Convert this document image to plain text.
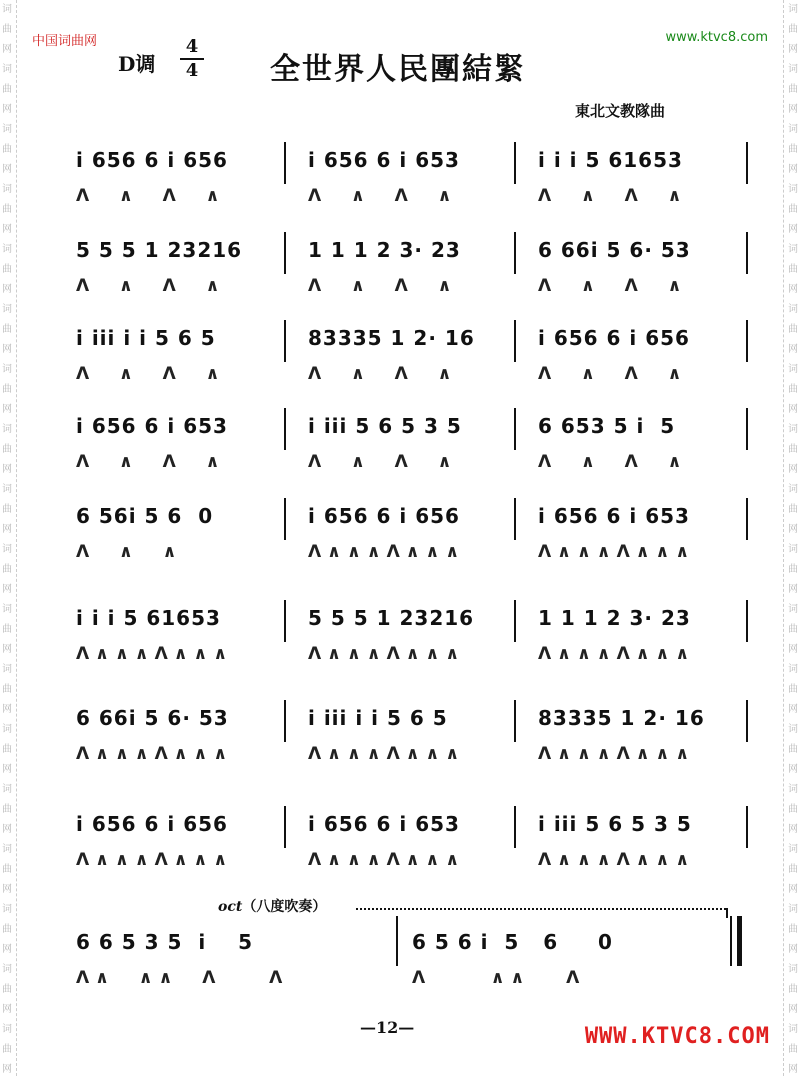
词曲网词曲网词曲网词曲网词曲网词曲网词曲网词曲网词曲网词曲网词曲网词曲网词曲网词曲网词曲网词曲网词曲网词曲网
词曲网词曲网词曲网词曲网词曲网词曲网词曲网词曲网词曲网词曲网词曲网词曲网词曲网词曲网词曲网词曲网词曲网词曲网
中国词曲网	www.ktvc8.com
D调
4
4 全世界人民團結緊
東北文教隊曲
i 656 6 i 656
Λ  ∧  Λ  ∧
i 656 6 i 653
Λ  ∧  Λ  ∧
i i i 5 61653
Λ  ∧  Λ  ∧
5 5 5 1 23216
Λ  ∧  Λ  ∧
1 1 1 2 3· 23
Λ  ∧  Λ  ∧
6 66i 5 6· 53
Λ  ∧  Λ  ∧
i iii i i 5 6 5
Λ  ∧  Λ  ∧
83335 1 2· 16
Λ  ∧  Λ  ∧
i 656 6 i 656
Λ  ∧  Λ  ∧
i 656 6 i 653
Λ  ∧  Λ  ∧
i iii 5 6 5 3 5
Λ  ∧  Λ  ∧
6 653 5 i  5
Λ  ∧  Λ  ∧
6 56i 5 6  0
Λ  ∧  ∧
i 656 6 i 656
Λ∧∧∧Λ∧∧∧
i 656 6 i 653
Λ∧∧∧Λ∧∧∧
i i i 5 61653
Λ∧∧∧Λ∧∧∧
5 5 5 1 23216
Λ∧∧∧Λ∧∧∧
1 1 1 2 3· 23
Λ∧∧∧Λ∧∧∧
6 66i 5 6· 53
Λ∧∧∧Λ∧∧∧
i iii i i 5 6 5
Λ∧∧∧Λ∧∧∧
83335 1 2· 16
Λ∧∧∧Λ∧∧∧
i 656 6 i 656
Λ∧∧∧Λ∧∧∧
i 656 6 i 653
Λ∧∧∧Λ∧∧∧
i iii 5 6 5 3 5
Λ∧∧∧Λ∧∧∧
oct（八度吹奏）
6 6 5 3 5  i    5
Λ∧  ∧∧  Λ    Λ
6 5 6 i  5   6     0
Λ     ∧∧   Λ
—12—	WWW.KTVC8.COM
